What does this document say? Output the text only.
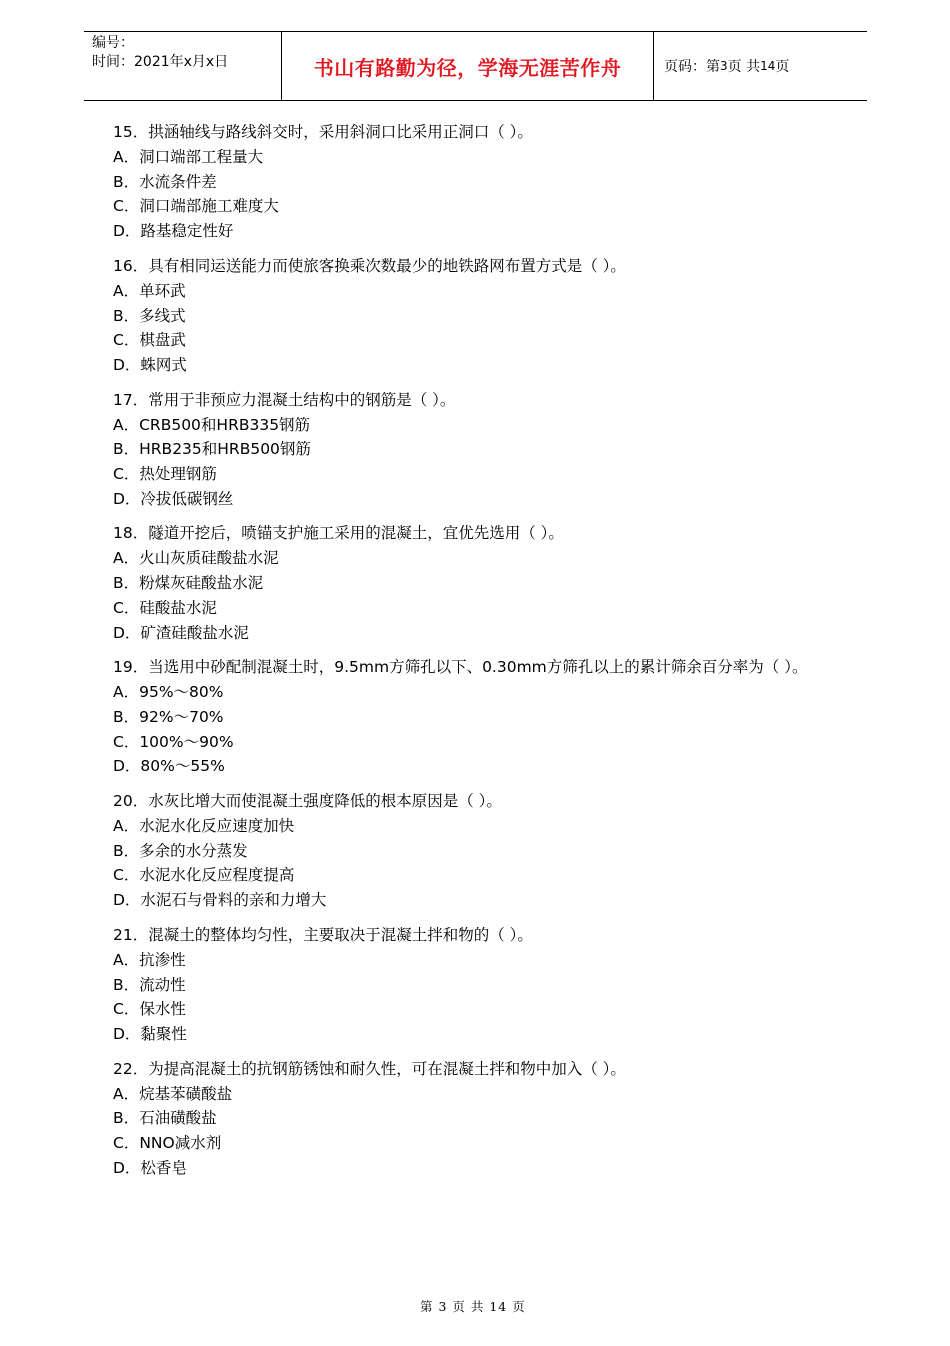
编号：
时间：2021年x月x日	书山有路勤为径，学海无涯苦作舟	页码：第 3 页 共 14 页
15．拱涵轴线与路线斜交时，采用斜洞口比采用正洞口（ ）。
A．洞口端部工程量大
B．水流条件差
C．洞口端部施工难度大
D．路基稳定性好
16．具有相同运送能力而使旅客换乘次数最少的地铁路网布置方式是（ ）。
A．单环武
B．多线式
C．棋盘武
D．蛛网式
17．常用于非预应力混凝土结构中的钢筋是（ ）。
A．CRB500和HRB335钢筋
B．HRB235和HRB500钢筋
C．热处理钢筋
D．冷拔低碳钢丝
18．隧道开挖后，喷锚支护施工采用的混凝土，宜优先选用（ ）。
A．火山灰质硅酸盐水泥
B．粉煤灰硅酸盐水泥
C．硅酸盐水泥
D．矿渣硅酸盐水泥
19．当选用中砂配制混凝土时，9.5mm方筛孔以下、0.30mm方筛孔以上的累计筛余百分率为（ ）。
A．95%～80%
B．92%～70%
C．100%～90%
D．80%～55%
20．水灰比增大而使混凝土强度降低的根本原因是（ ）。
A．水泥水化反应速度加快
B．多余的水分蒸发
C．水泥水化反应程度提高
D．水泥石与骨料的亲和力增大
21．混凝土的整体均匀性，主要取决于混凝土拌和物的（ ）。
A．抗渗性
B．流动性
C．保水性
D．黏聚性
22．为提高混凝土的抗钢筋锈蚀和耐久性，可在混凝土拌和物中加入（ ）。
A．烷基苯磺酸盐
B．石油磺酸盐
C．NNO减水剂
D．松香皂
第 3 页 共 14 页
